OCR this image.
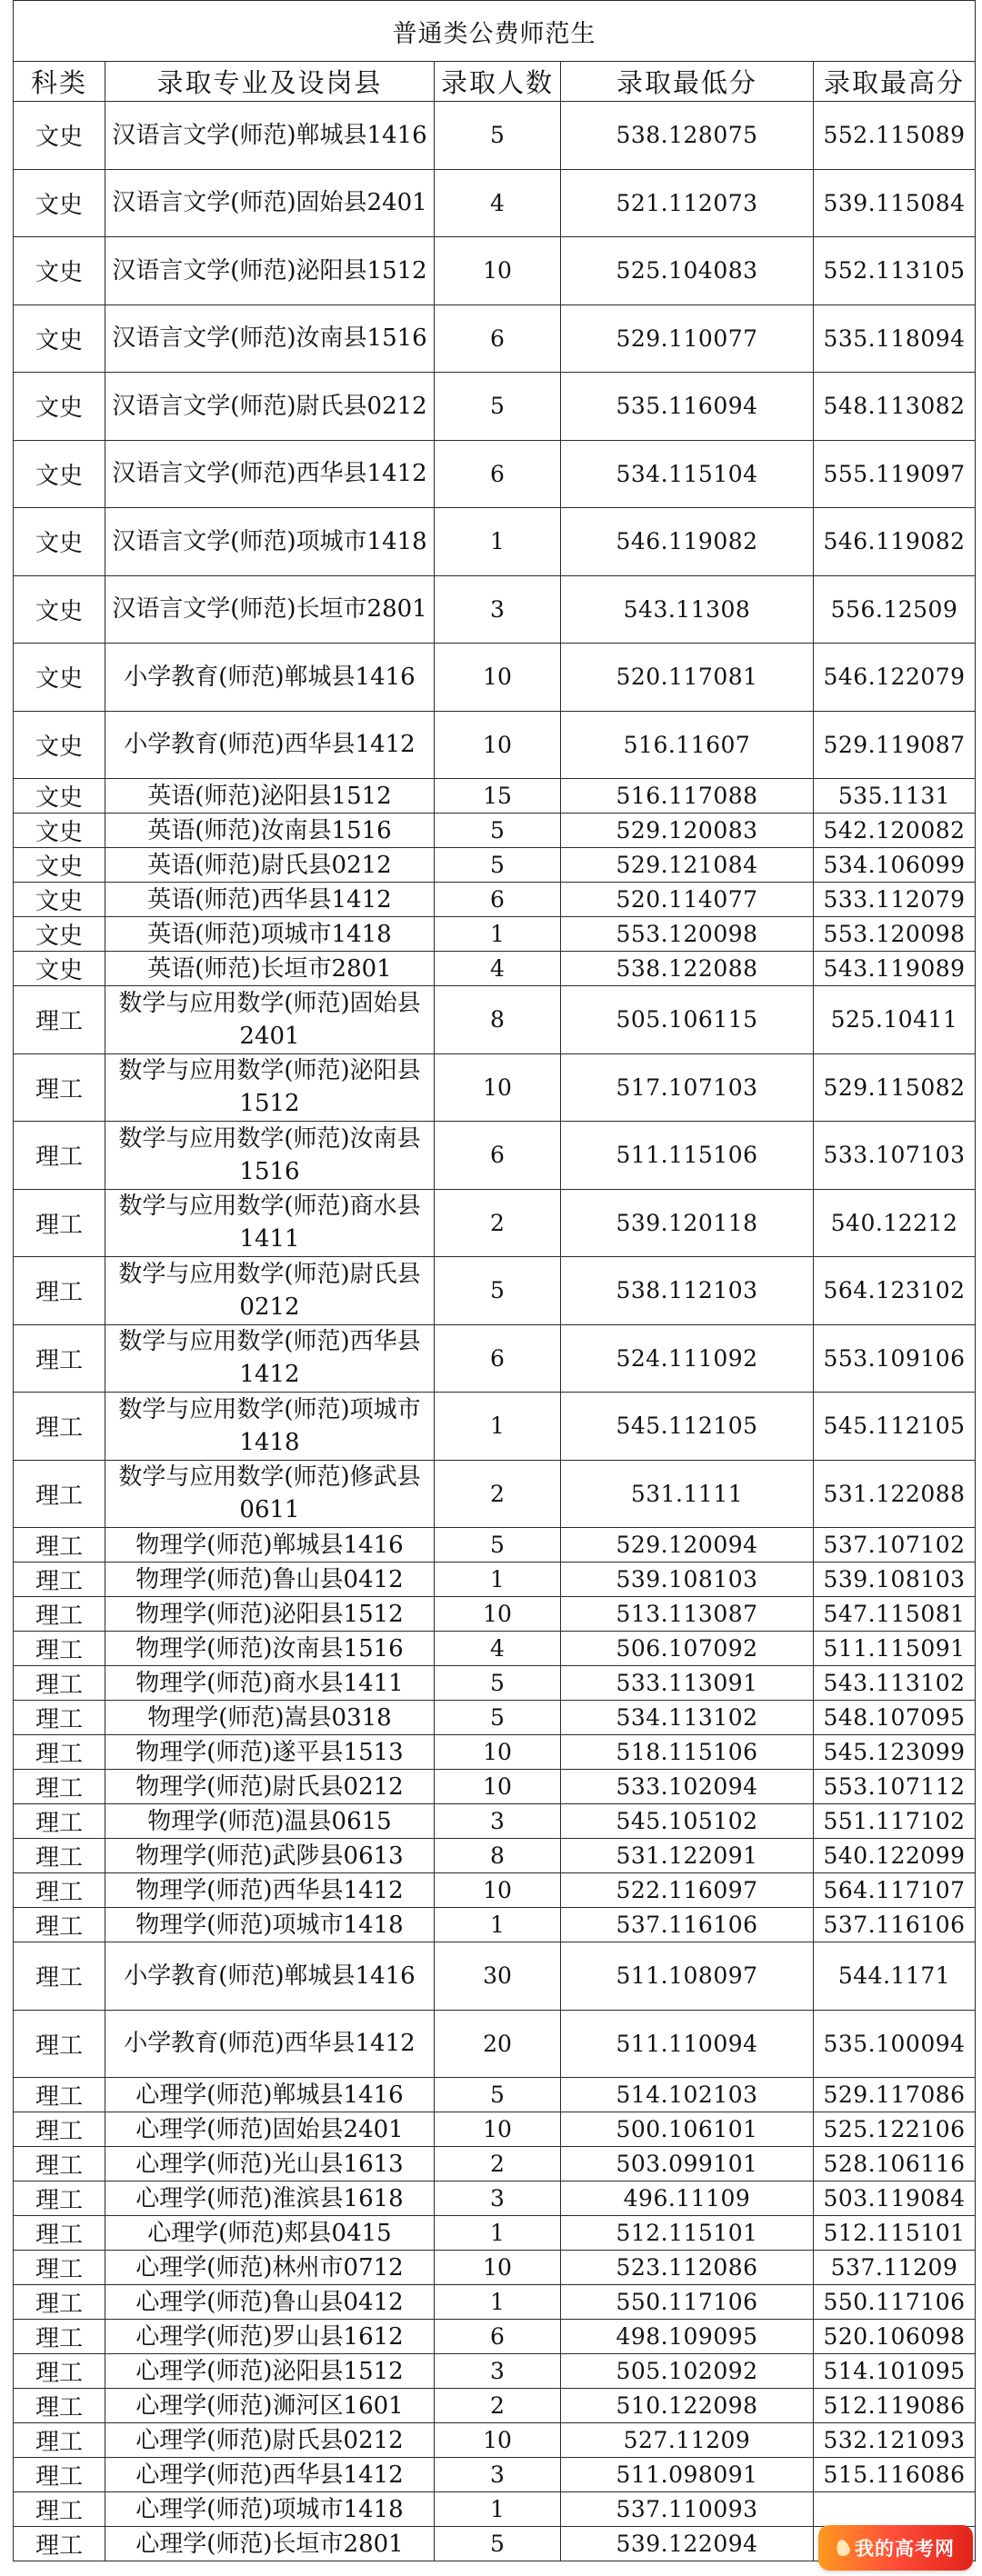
普通类公费师范生				
科类	录取专业及设岗县	录取人数	录取最低分	录取最高分
文史	汉语言文学(师范)郸城县1416	5	538.128075	552.115089
文史	汉语言文学(师范)固始县2401	4	521.112073	539.115084
文史	汉语言文学(师范)泌阳县1512	10	525.104083	552.113105
文史	汉语言文学(师范)汝南县1516	6	529.110077	535.118094
文史	汉语言文学(师范)尉氏县0212	5	535.116094	548.113082
文史	汉语言文学(师范)西华县1412	6	534.115104	555.119097
文史	汉语言文学(师范)项城市1418	1	546.119082	546.119082
文史	汉语言文学(师范)长垣市2801	3	543.11308	556.12509
文史	小学教育(师范)郸城县1416	10	520.117081	546.122079
文史	小学教育(师范)西华县1412	10	516.11607	529.119087
文史	英语(师范)泌阳县1512	15	516.117088	535.1131
文史	英语(师范)汝南县1516	5	529.120083	542.120082
文史	英语(师范)尉氏县0212	5	529.121084	534.106099
文史	英语(师范)西华县1412	6	520.114077	533.112079
文史	英语(师范)项城市1418	1	553.120098	553.120098
文史	英语(师范)长垣市2801	4	538.122088	543.119089
理工	数学与应用数学(师范)固始县2401	8	505.106115	525.10411
理工	数学与应用数学(师范)泌阳县1512	10	517.107103	529.115082
理工	数学与应用数学(师范)汝南县1516	6	511.115106	533.107103
理工	数学与应用数学(师范)商水县1411	2	539.120118	540.12212
理工	数学与应用数学(师范)尉氏县0212	5	538.112103	564.123102
理工	数学与应用数学(师范)西华县1412	6	524.111092	553.109106
理工	数学与应用数学(师范)项城市1418	1	545.112105	545.112105
理工	数学与应用数学(师范)修武县0611	2	531.1111	531.122088
理工	物理学(师范)郸城县1416	5	529.120094	537.107102
理工	物理学(师范)鲁山县0412	1	539.108103	539.108103
理工	物理学(师范)泌阳县1512	10	513.113087	547.115081
理工	物理学(师范)汝南县1516	4	506.107092	511.115091
理工	物理学(师范)商水县1411	5	533.113091	543.113102
理工	物理学(师范)嵩县0318	5	534.113102	548.107095
理工	物理学(师范)遂平县1513	10	518.115106	545.123099
理工	物理学(师范)尉氏县0212	10	533.102094	553.107112
理工	物理学(师范)温县0615	3	545.105102	551.117102
理工	物理学(师范)武陟县0613	8	531.122091	540.122099
理工	物理学(师范)西华县1412	10	522.116097	564.117107
理工	物理学(师范)项城市1418	1	537.116106	537.116106
理工	小学教育(师范)郸城县1416	30	511.108097	544.1171
理工	小学教育(师范)西华县1412	20	511.110094	535.100094
理工	心理学(师范)郸城县1416	5	514.102103	529.117086
理工	心理学(师范)固始县2401	10	500.106101	525.122106
理工	心理学(师范)光山县1613	2	503.099101	528.106116
理工	心理学(师范)淮滨县1618	3	496.11109	503.119084
理工	心理学(师范)郏县0415	1	512.115101	512.115101
理工	心理学(师范)林州市0712	10	523.112086	537.11209
理工	心理学(师范)鲁山县0412	1	550.117106	550.117106
理工	心理学(师范)罗山县1612	6	498.109095	520.106098
理工	心理学(师范)泌阳县1512	3	505.102092	514.101095
理工	心理学(师范)浉河区1601	2	510.122098	512.119086
理工	心理学(师范)尉氏县0212	10	527.11209	532.121093
理工	心理学(师范)西华县1412	3	511.098091	515.116086
理工	心理学(师范)项城市1418	1	537.110093	
理工	心理学(师范)长垣市2801	5	539.122094		我的高考网
